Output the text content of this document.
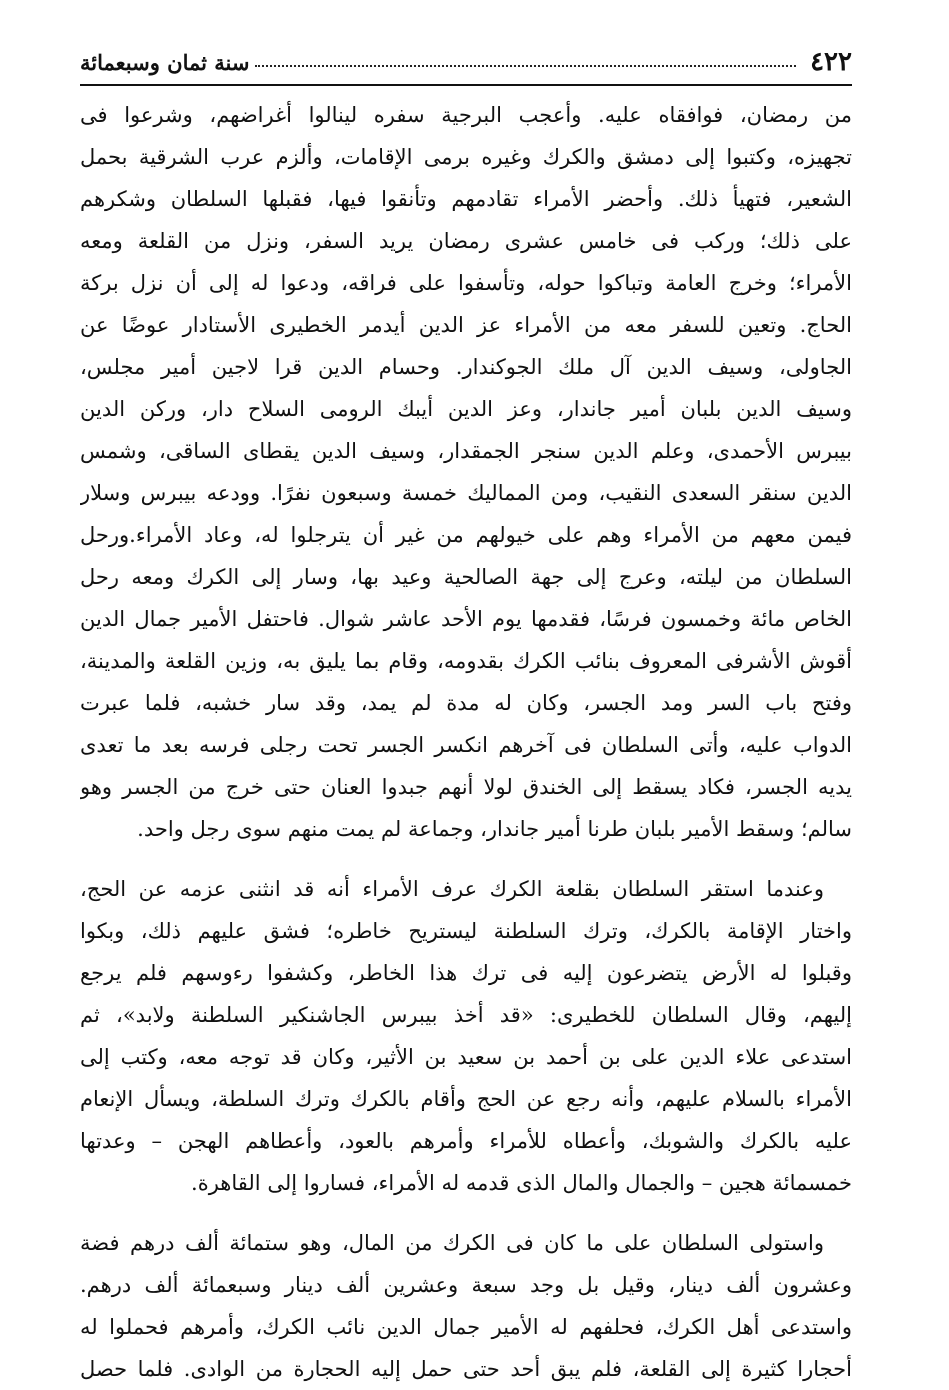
٤٢٢
سنة ثمان وسبعمائة
من رمضان، فوافقاه عليه. وأعجب البرجية سفره لينالوا أغراضهم، وشرعوا فى
تجهيزه، وكتبوا إلى دمشق والكرك وغيره برمى الإقامات، وألزم عرب الشرقية بحمل
الشعير، فتهيأ ذلك. وأحضر الأمراء تقادمهم وتأنقوا فيها، فقبلها السلطان وشكرهم
على ذلك؛ وركب فى خامس عشرى رمضان يريد السفر، ونزل من القلعة ومعه
الأمراء؛ وخرج العامة وتباكوا حوله، وتأسفوا على فراقه، ودعوا له إلى أن نزل بركة
الحاج. وتعين للسفر معه من الأمراء عز الدين أيدمر الخطيرى الأستادار عوضًا عن
الجاولى، وسيف الدين آل ملك الجوكندار. وحسام الدين قرا لاجين أمير مجلس،
وسيف الدين بلبان أمير جاندار، وعز الدين أيبك الرومى السلاح دار، وركن الدين
بيبرس الأحمدى، وعلم الدين سنجر الجمقدار، وسيف الدين يقطاى الساقى، وشمس
الدين سنقر السعدى النقيب، ومن المماليك خمسة وسبعون نفرًا. وودعه بيبرس وسلار
فيمن معهم من الأمراء وهم على خيولهم من غير أن يترجلوا له، وعاد الأمراء.ورحل
السلطان من ليلته، وعرج إلى جهة الصالحية وعيد بها، وسار إلى الكرك ومعه رحل
الخاص مائة وخمسون فرسًا، فقدمها يوم الأحد عاشر شوال. فاحتفل الأمير جمال الدين
أقوش الأشرفى المعروف بنائب الكرك بقدومه، وقام بما يليق به، وزين القلعة والمدينة،
وفتح باب السر ومد الجسر، وكان له مدة لم يمد، وقد سار خشبه، فلما عبرت
الدواب عليه، وأتى السلطان فى آخرهم انكسر الجسر تحت رجلى فرسه بعد ما تعدى
يديه الجسر، فكاد يسقط إلى الخندق لولا أنهم جبدوا العنان حتى خرج من الجسر وهو
سالم؛ وسقط الأمير بلبان طرنا أمير جاندار، وجماعة لم يمت منهم سوى رجل واحد.
وعندما استقر السلطان بقلعة الكرك عرف الأمراء أنه قد انثنى عزمه عن الحج،
واختار الإقامة بالكرك، وترك السلطنة ليستريح خاطره؛ فشق عليهم ذلك، وبكوا
وقبلوا له الأرض يتضرعون إليه فى ترك هذا الخاطر، وكشفوا رءوسهم فلم يرجع
إليهم، وقال السلطان للخطيرى: «قد أخذ بيبرس الجاشنكير السلطنة ولابد»، ثم
استدعى علاء الدين على بن أحمد بن سعيد بن الأثير، وكان قد توجه معه، وكتب إلى
الأمراء بالسلام عليهم، وأنه رجع عن الحج وأقام بالكرك وترك السلطة، ويسأل الإنعام
عليه بالكرك والشوبك، وأعطاه للأمراء وأمرهم بالعود، وأعطاهم الهجن – وعدتها
خمسمائة هجين – والجمال والمال الذى قدمه له الأمراء، فساروا إلى القاهرة.
واستولى السلطان على ما كان فى الكرك من المال، وهو ستمائة ألف درهم فضة
وعشرون ألف دينار، وقيل بل وجد سبعة وعشرين ألف دينار وسبعمائة ألف درهم.
واستدعى أهل الكرك، فحلفهم له الأمير جمال الدين نائب الكرك، وأمرهم فحملوا له
أحجارا كثيرة إلى القلعة، فلم يبق أحد حتى حمل إليه الحجارة من الوادى. فلما حصل
